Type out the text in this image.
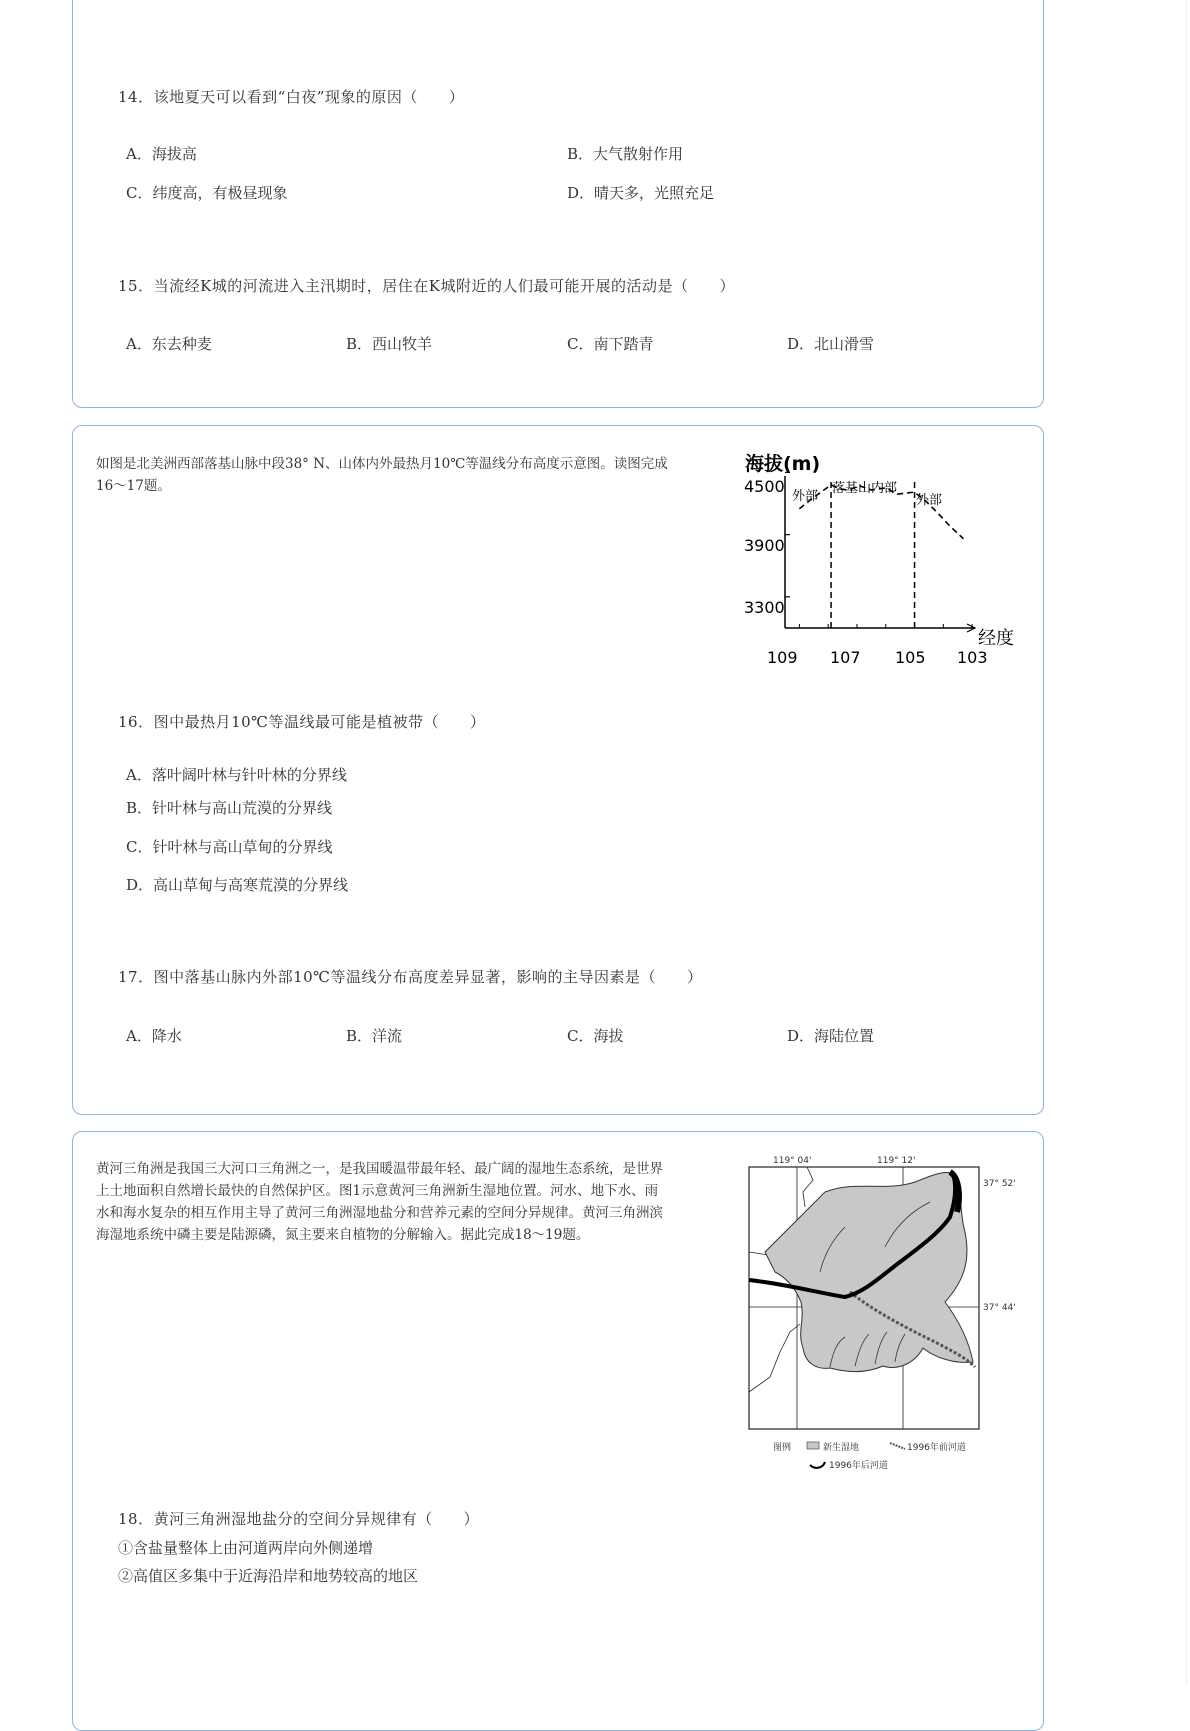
14．该地夏天可以看到“白夜”现象的原因（　　）
A．海拔高	B．大气散射作用
C．纬度高，有极昼现象	D．晴天多，光照充足
15．当流经K城的河流进入主汛期时，居住在K城附近的人们最可能开展的活动是（　　）
A．东去种麦	B．西山牧羊	C．南下踏青	D．北山滑雪
如图是北美洲西部落基山脉中段38° N、山体内外最热月10℃等温线分布高度示意图。读图完成
16～17题。
海拔(m)
经度
4500
3900
3300
109 107 105 103
外部
落基山内部
外部
16．图中最热月10℃等温线最可能是植被带（　　）
A．落叶阔叶林与针叶林的分界线
B．针叶林与高山荒漠的分界线
C．针叶林与高山草甸的分界线
D．高山草甸与高寒荒漠的分界线
17．图中落基山脉内外部10℃等温线分布高度差异显著，影响的主导因素是（　　）
A．降水	B．洋流	C．海拔	D．海陆位置
黄河三角洲是我国三大河口三角洲之一，是我国暖温带最年轻、最广阔的湿地生态系统，是世界
上土地面积自然增长最快的自然保护区。图1示意黄河三角洲新生湿地位置。河水、地下水、雨
水和海水复杂的相互作用主导了黄河三角洲湿地盐分和营养元素的空间分异规律。黄河三角洲滨
海湿地系统中磷主要是陆源磷，氮主要来自植物的分解输入。据此完成18～19题。
119° 04'	119° 12'
37° 52'
37° 44'
图例	新生湿地	1996年前河道
1996年后河道
18．黄河三角洲湿地盐分的空间分异规律有（　　）
①含盐量整体上由河道两岸向外侧递增
②高值区多集中于近海沿岸和地势较高的地区
